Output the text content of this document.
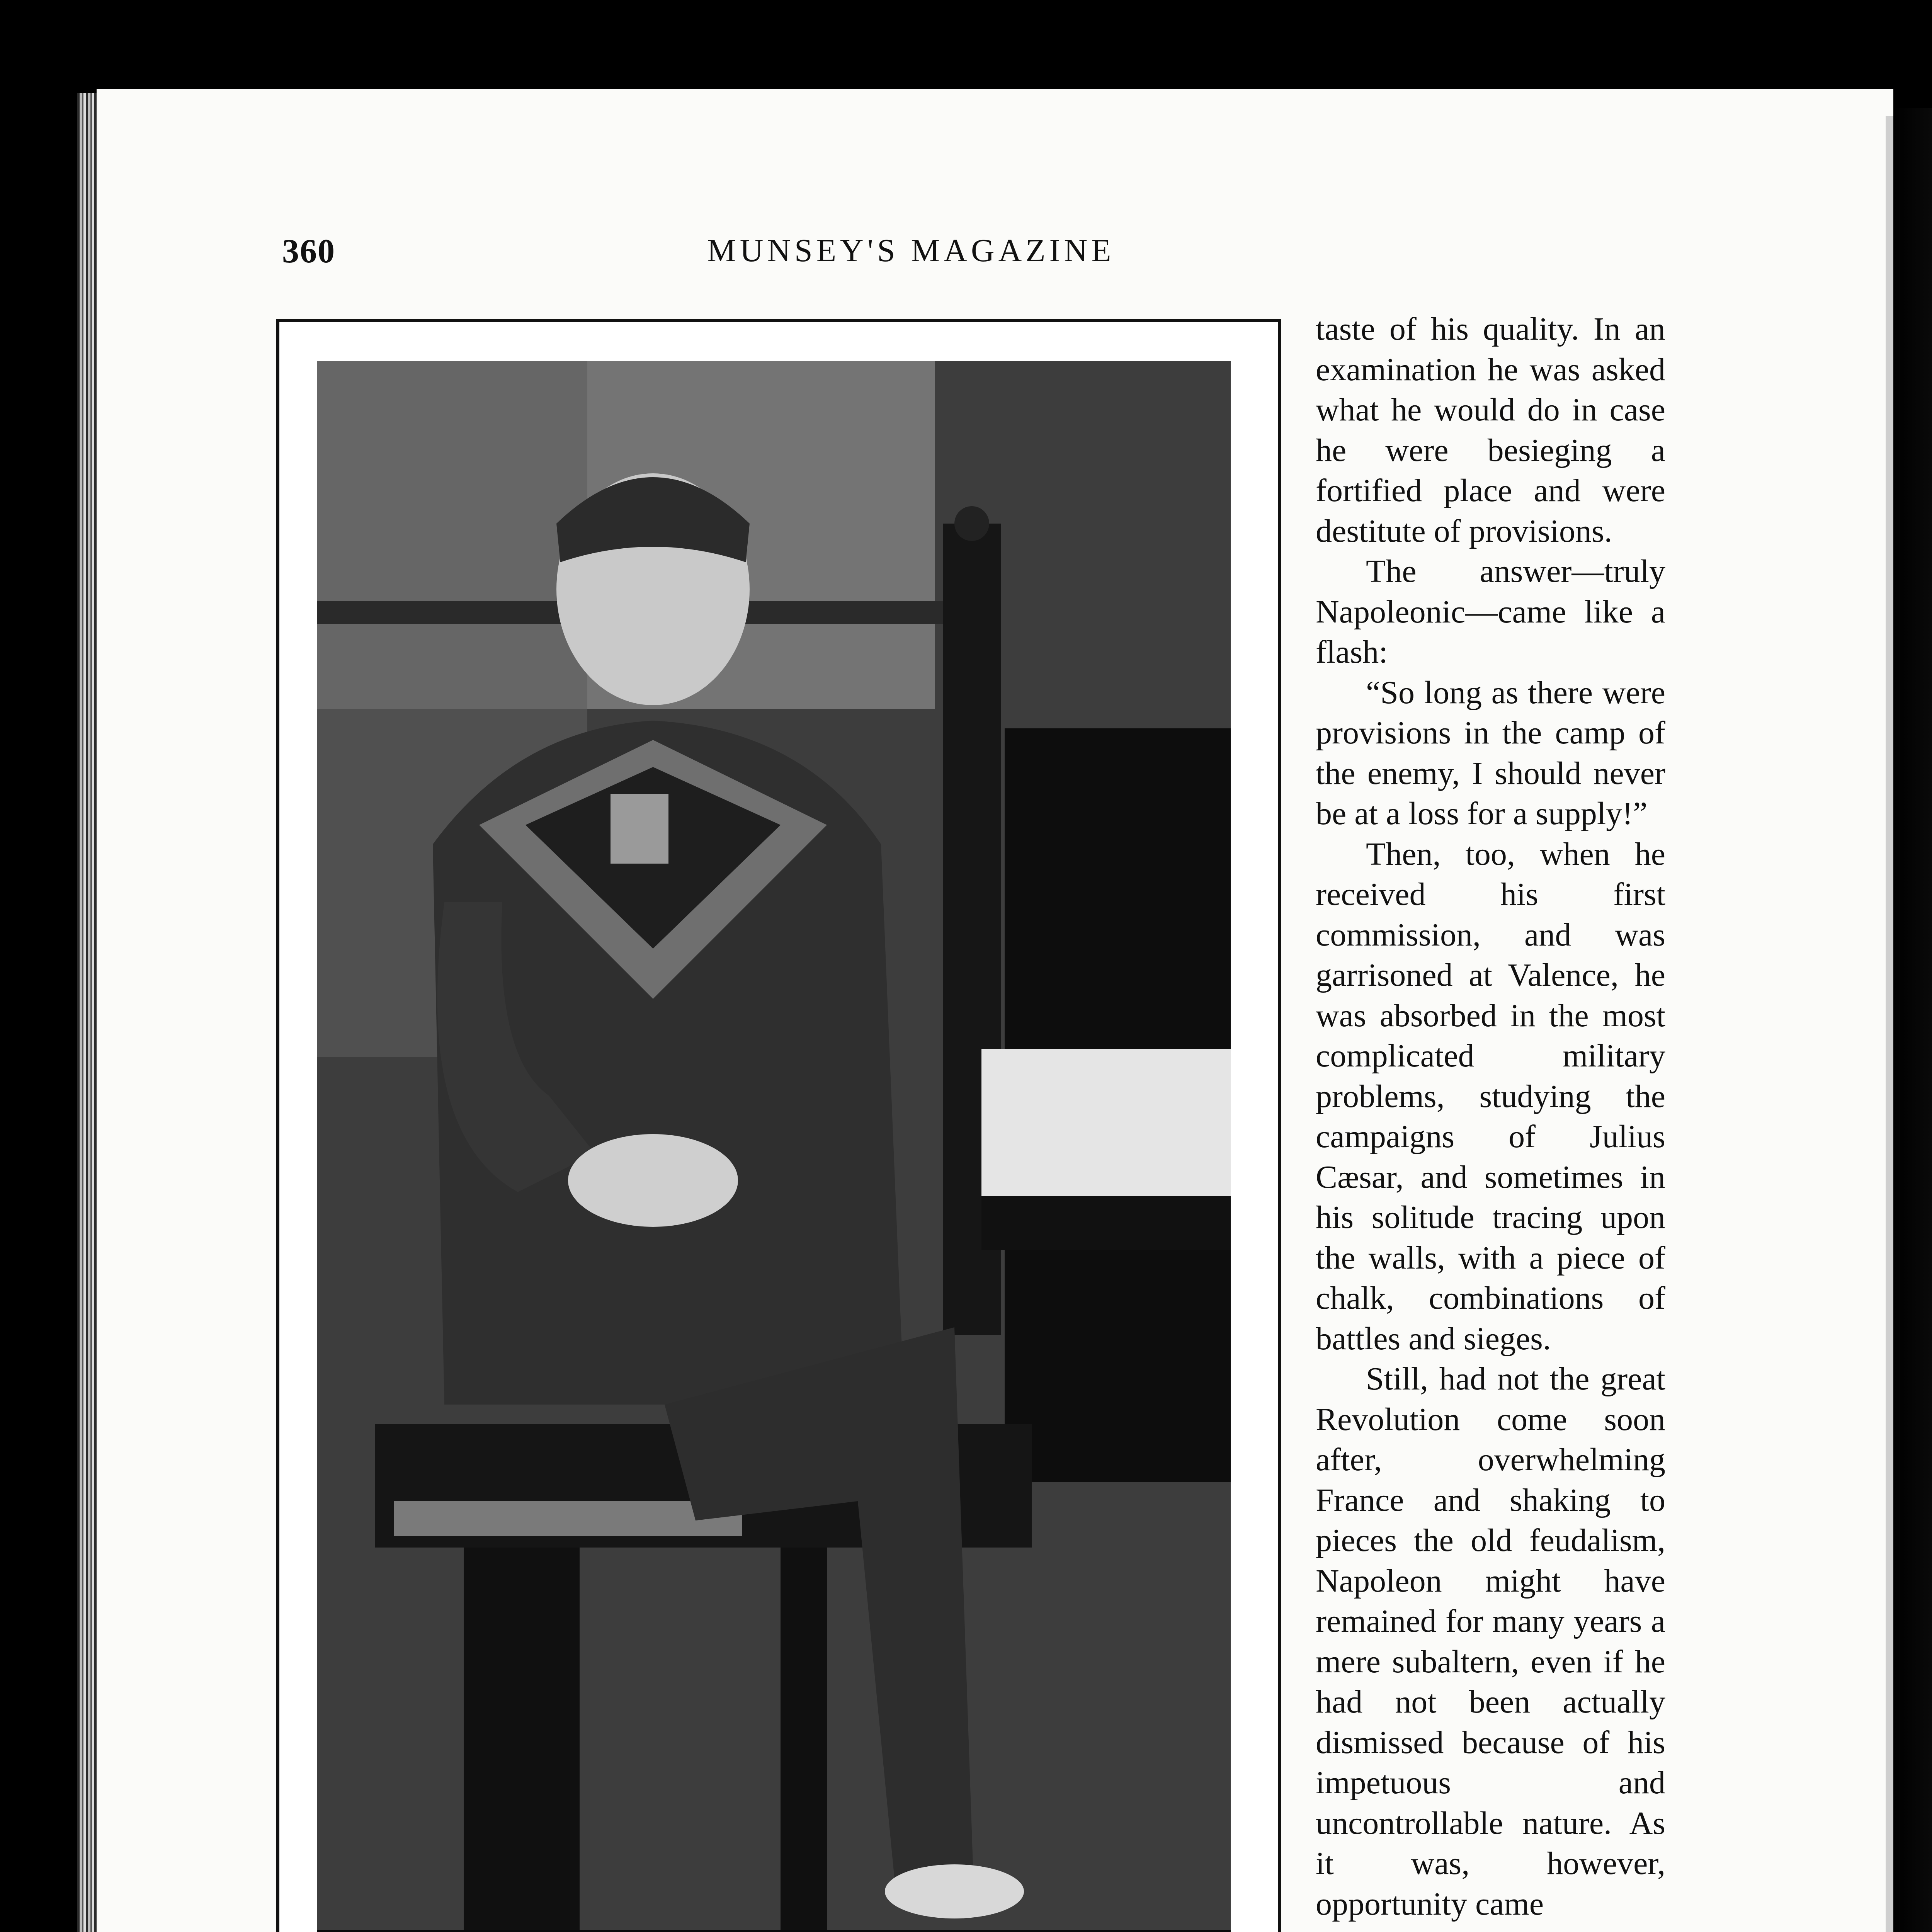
360	MUNSEY'S MAGAZINE

taste of his quality. In an examination he was asked what he would do in case he were besieging a fortified place and were destitute of provisions.

The answer—truly Napoleonic—came like a flash:

“So long as there were provisions in the camp of the enemy, I should never be at a loss for a supply!”

Then, too, when he received his first commission, and was garrisoned at Valence, he was absorbed in the most complicated military problems, studying the campaigns of Julius Cæsar, and sometimes in his solitude tracing upon the walls, with a piece of chalk, combinations of battles and sieges.

Still, had not the great Revolution come soon after, overwhelming France and shaking to pieces the old feudalism, Napoleon might have remained for many years a mere subaltern, even if he had not been actually dismissed because of his impetuous and uncontrollable nature. As it was, however, opportunity came
